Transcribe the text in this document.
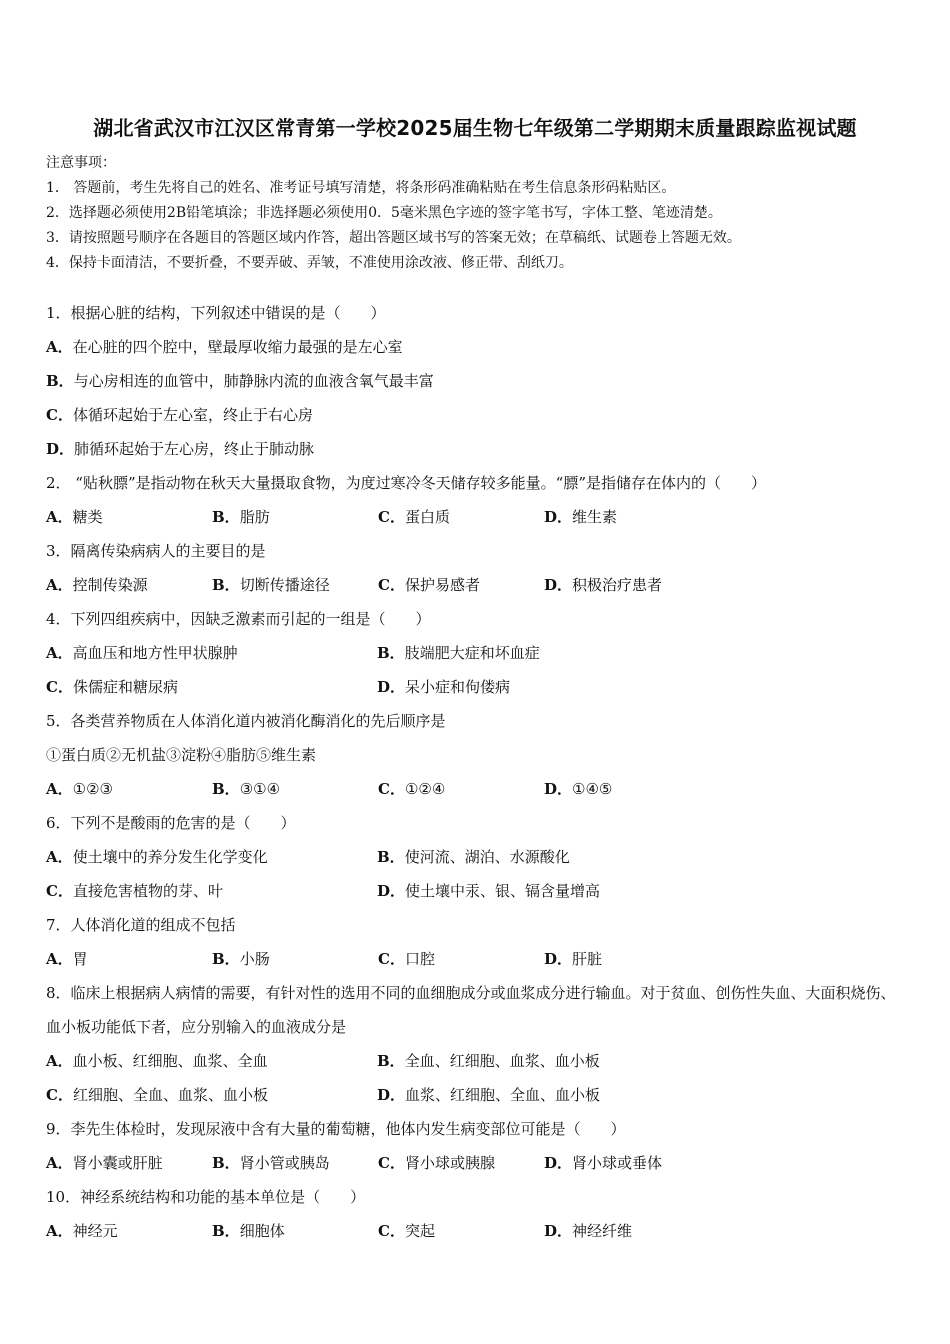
湖北省武汉市江汉区常青第一学校2025届生物七年级第二学期期末质量跟踪监视试题
注意事项：
1． 答题前，考生先将自己的姓名、准考证号填写清楚，将条形码准确粘贴在考生信息条形码粘贴区。
2．选择题必须使用2B铅笔填涂；非选择题必须使用0．5毫米黑色字迹的签字笔书写，字体工整、笔迹清楚。
3．请按照题号顺序在各题目的答题区域内作答，超出答题区域书写的答案无效；在草稿纸、试题卷上答题无效。
4．保持卡面清洁，不要折叠，不要弄破、弄皱，不准使用涂改液、修正带、刮纸刀。
1．根据心脏的结构，下列叙述中错误的是（　　）
A．在心脏的四个腔中，壁最厚收缩力最强的是左心室
B．与心房相连的血管中，肺静脉内流的血液含氧气最丰富
C．体循环起始于左心室，终止于右心房
D．肺循环起始于左心房，终止于肺动脉
2． “贴秋膘”是指动物在秋天大量摄取食物，为度过寒冷冬天储存较多能量。“膘”是指储存在体内的（　　）
A．糖类	B．脂肪	C．蛋白质	D．维生素
3．隔离传染病病人的主要目的是
A．控制传染源	B．切断传播途径	C．保护易感者	D．积极治疗患者
4．下列四组疾病中，因缺乏激素而引起的一组是（　　）
A．高血压和地方性甲状腺肿	B．肢端肥大症和坏血症
C．侏儒症和糖尿病	D．呆小症和佝偻病
5．各类营养物质在人体消化道内被消化酶消化的先后顺序是
①蛋白质②无机盐③淀粉④脂肪⑤维生素
A．①②③	B．③①④	C．①②④	D．①④⑤
6．下列不是酸雨的危害的是（　　）
A．使土壤中的养分发生化学变化	B．使河流、湖泊、水源酸化
C．直接危害植物的芽、叶	D．使土壤中汞、银、镉含量增高
7．人体消化道的组成不包括
A．胃	B．小肠	C．口腔	D．肝脏
8．临床上根据病人病情的需要，有针对性的选用不同的血细胞成分或血浆成分进行输血。对于贫血、创伤性失血、大面积烧伤、血小板功能低下者，应分别输入的血液成分是
A．血小板、红细胞、血浆、全血	B．全血、红细胞、血浆、血小板
C．红细胞、全血、血浆、血小板	D．血浆、红细胞、全血、血小板
9．李先生体检时，发现尿液中含有大量的葡萄糖，他体内发生病变部位可能是（　　）
A．肾小囊或肝脏	B．肾小管或胰岛	C．肾小球或胰腺	D．肾小球或垂体
10．神经系统结构和功能的基本单位是（　　）
A．神经元	B．细胞体	C．突起	D．神经纤维
